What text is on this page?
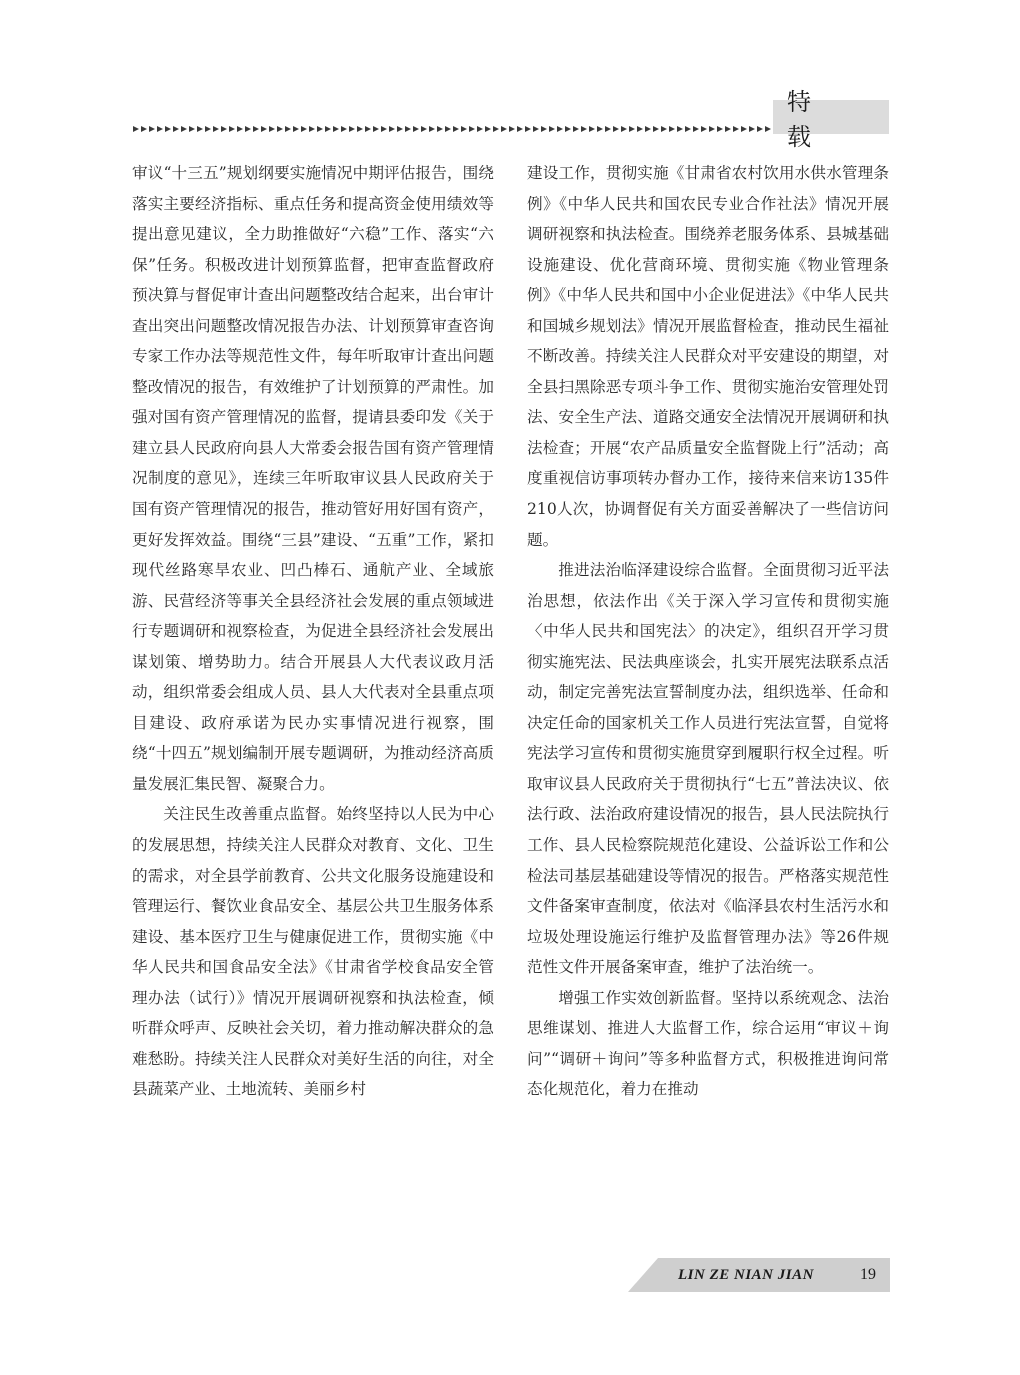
特　载

审议“十三五”规划纲要实施情况中期评估报告，围绕落实主要经济指标、重点任务和提高资金使用绩效等提出意见建议，全力助推做好“六稳”工作、落实“六保”任务。积极改进计划预算监督，把审查监督政府预决算与督促审计查出问题整改结合起来，出台审计查出突出问题整改情况报告办法、计划预算审查咨询专家工作办法等规范性文件，每年听取审计查出问题整改情况的报告，有效维护了计划预算的严肃性。加强对国有资产管理情况的监督，提请县委印发《关于建立县人民政府向县人大常委会报告国有资产管理情况制度的意见》，连续三年听取审议县人民政府关于国有资产管理情况的报告，推动管好用好国有资产，更好发挥效益。围绕“三县”建设、“五重”工作，紧扣现代丝路寒旱农业、凹凸棒石、通航产业、全域旅游、民营经济等事关全县经济社会发展的重点领域进行专题调研和视察检查，为促进全县经济社会发展出谋划策、增势助力。结合开展县人大代表议政月活动，组织常委会组成人员、县人大代表对全县重点项目建设、政府承诺为民办实事情况进行视察，围绕“十四五”规划编制开展专题调研，为推动经济高质量发展汇集民智、凝聚合力。

关注民生改善重点监督。始终坚持以人民为中心的发展思想，持续关注人民群众对教育、文化、卫生的需求，对全县学前教育、公共文化服务设施建设和管理运行、餐饮业食品安全、基层公共卫生服务体系建设、基本医疗卫生与健康促进工作，贯彻实施《中华人民共和国食品安全法》《甘肃省学校食品安全管理办法（试行）》情况开展调研视察和执法检查，倾听群众呼声、反映社会关切，着力推动解决群众的急难愁盼。持续关注人民群众对美好生活的向往，对全县蔬菜产业、土地流转、美丽乡村

建设工作，贯彻实施《甘肃省农村饮用水供水管理条例》《中华人民共和国农民专业合作社法》情况开展调研视察和执法检查。围绕养老服务体系、县城基础设施建设、优化营商环境、贯彻实施《物业管理条例》《中华人民共和国中小企业促进法》《中华人民共和国城乡规划法》情况开展监督检查，推动民生福祉不断改善。持续关注人民群众对平安建设的期望，对全县扫黑除恶专项斗争工作、贯彻实施治安管理处罚法、安全生产法、道路交通安全法情况开展调研和执法检查；开展“农产品质量安全监督陇上行”活动；高度重视信访事项转办督办工作，接待来信来访135件210人次，协调督促有关方面妥善解决了一些信访问题。

推进法治临泽建设综合监督。全面贯彻习近平法治思想，依法作出《关于深入学习宣传和贯彻实施〈中华人民共和国宪法〉的决定》，组织召开学习贯彻实施宪法、民法典座谈会，扎实开展宪法联系点活动，制定完善宪法宣誓制度办法，组织选举、任命和决定任命的国家机关工作人员进行宪法宣誓，自觉将宪法学习宣传和贯彻实施贯穿到履职行权全过程。听取审议县人民政府关于贯彻执行“七五”普法决议、依法行政、法治政府建设情况的报告，县人民法院执行工作、县人民检察院规范化建设、公益诉讼工作和公检法司基层基础建设等情况的报告。严格落实规范性文件备案审查制度，依法对《临泽县农村生活污水和垃圾处理设施运行维护及监督管理办法》等26件规范性文件开展备案审查，维护了法治统一。

增强工作实效创新监督。坚持以系统观念、法治思维谋划、推进人大监督工作，综合运用“审议＋询问”“调研＋询问”等多种监督方式，积极推进询问常态化规范化，着力在推动

LIN ZE NIAN JIAN	19
